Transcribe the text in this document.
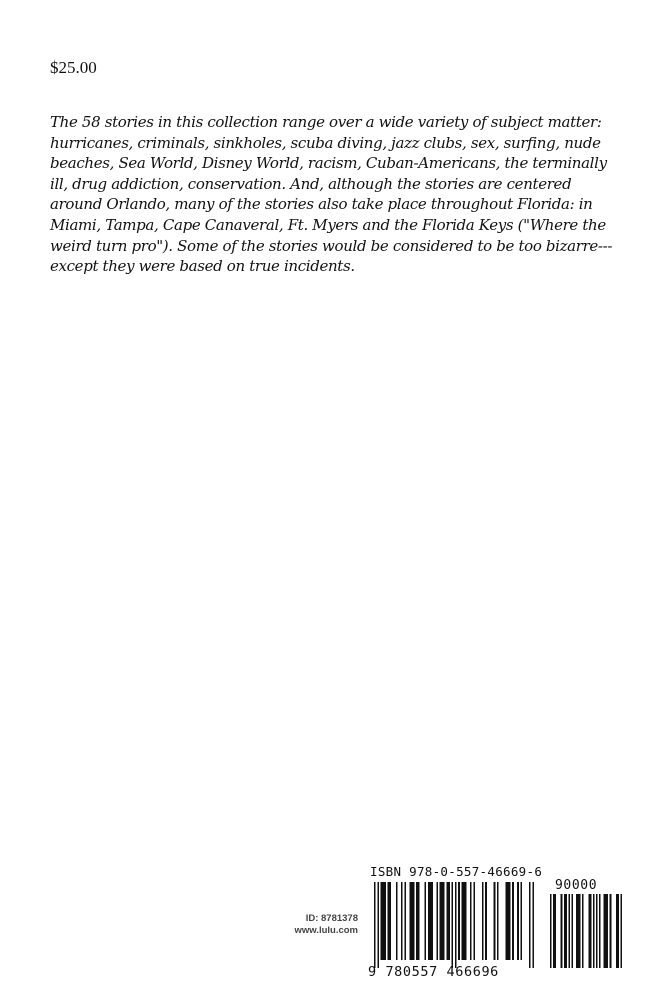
$25.00

The 58 stories in this collection range over a wide variety of subject matter: hurricanes, criminals, sinkholes, scuba diving, jazz clubs, sex, surfing, nude beaches, Sea World, Disney World, racism, Cuban-Americans, the terminally ill, drug addiction, conservation. And, although the stories are centered around Orlando, many of the stories also take place throughout Florida: in Miami, Tampa, Cape Canaveral, Ft. Myers and the Florida Keys ("Where the weird turn pro"). Some of the stories would be considered to be too bizarre---except they were based on true incidents.

ID: 8781378
www.lulu.com
ISBN 978-0-557-46669-6
90000
9 780557 466696
